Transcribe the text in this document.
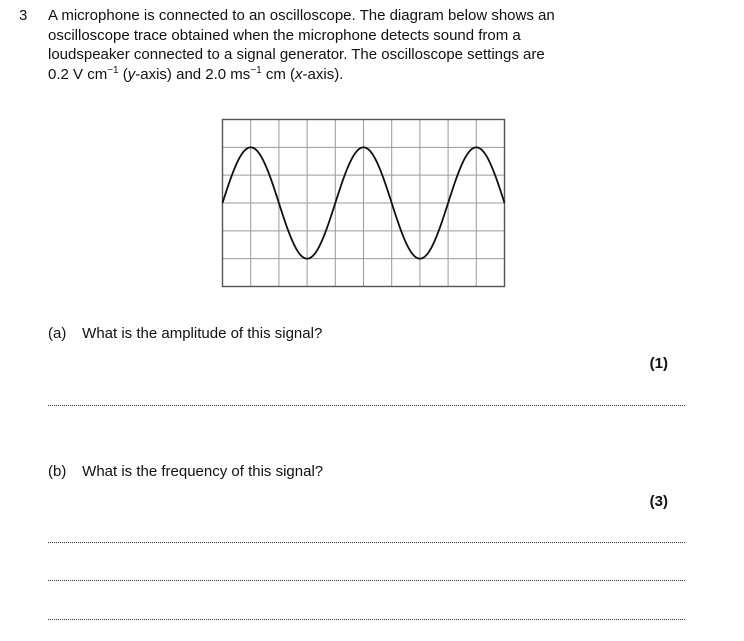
3 A microphone is connected to an oscilloscope. The diagram below shows an
oscilloscope trace obtained when the microphone detects sound from a
loudspeaker connected to a signal generator. The oscilloscope settings are
0.2 V $cm^{-1}$ (y-axis) and 2.0 $ms^{-1}$ cm (x-axis).
(a) What is the amplitude of this signal?
(1)
(b) What is the frequency of this signal?
(3)
